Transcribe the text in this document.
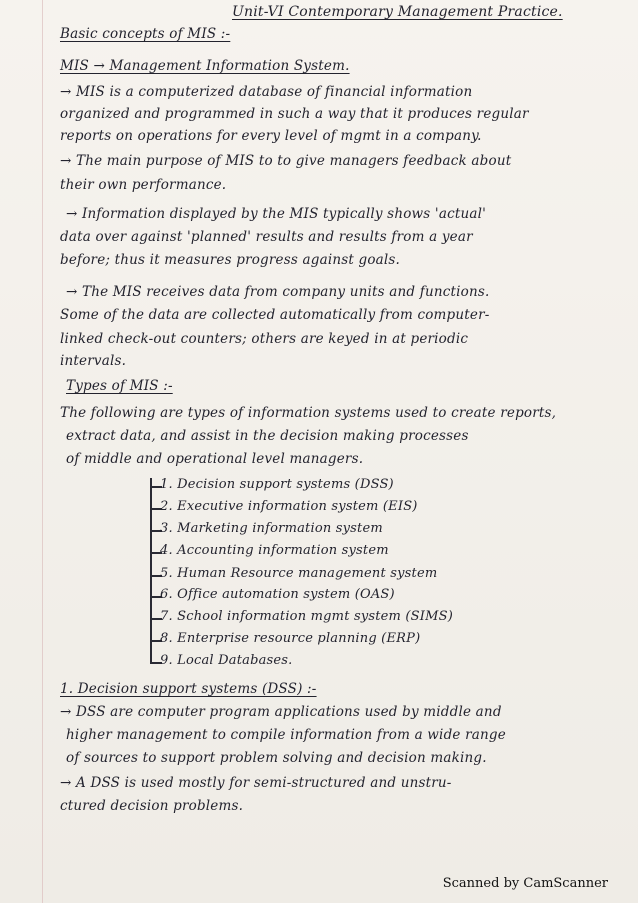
Unit-VI Contemporary Management Practice.
Basic concepts of MIS :-
MIS → Management Information System.
→ MIS is a computerized database of financial information
organized and programmed in such a way that it produces regular
reports on operations for every level of mgmt in a company.
→ The main purpose of MIS to to give managers feedback about
their own performance.
→ Information displayed by the MIS typically shows 'actual'
data over against 'planned' results and results from a year
before; thus it measures progress against goals.
→ The MIS receives data from company units and functions.
Some of the data are collected automatically from computer-
linked check-out counters; others are keyed in at periodic
intervals.
Types of MIS :-
The following are types of information systems used to create reports,
extract data, and assist in the decision making processes
of middle and operational level managers.
1. Decision support systems (DSS)
2. Executive information system (EIS)
3. Marketing information system
4. Accounting information system
5. Human Resource management system
6. Office automation system (OAS)
7. School information mgmt system (SIMS)
8. Enterprise resource planning (ERP)
9. Local Databases.
1. Decision support systems (DSS) :-
→ DSS are computer program applications used by middle and
higher management to compile information from a wide range
of sources to support problem solving and decision making.
→ A DSS is used mostly for semi-structured and unstru-
ctured decision problems.
Scanned by CamScanner
